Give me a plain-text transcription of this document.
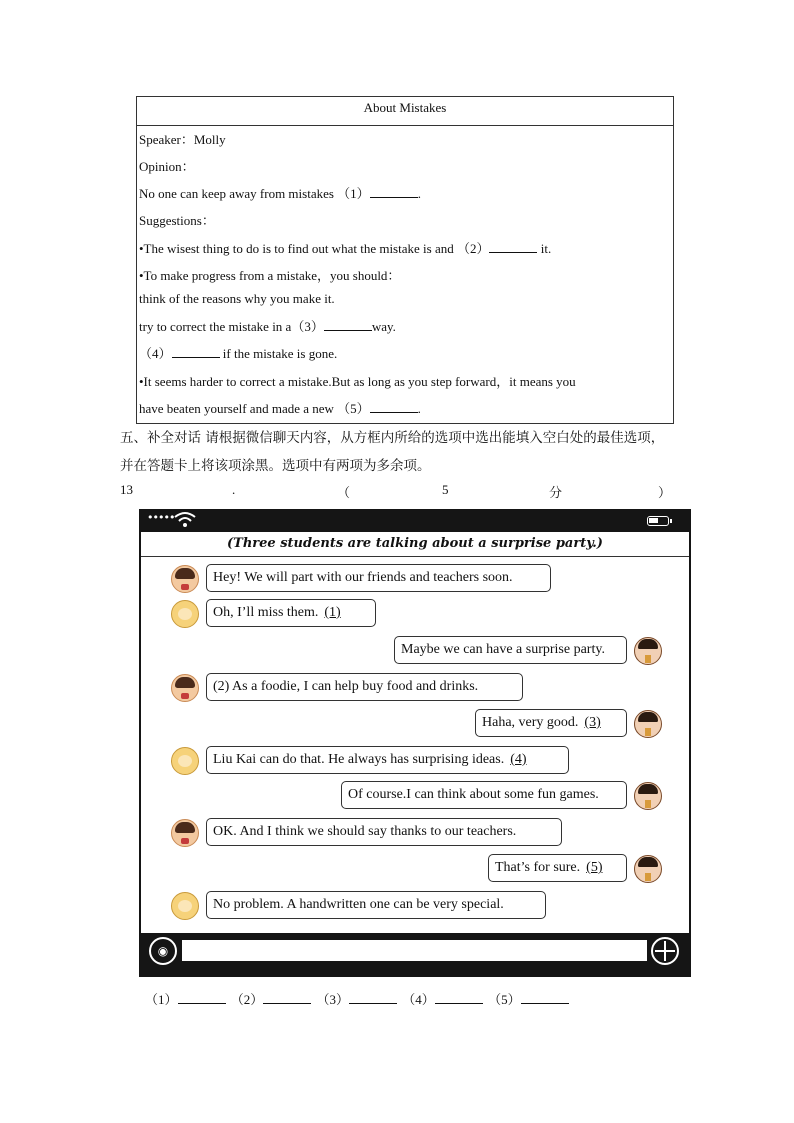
About Mistakes
Speaker：Molly
Opinion：
No one can keep away from mistakes （1）	.
Suggestions：
•The wisest thing to do is to find out what the mistake is and （2）	it.
•To make progress from a mistake，you should：
think of the reasons why you make it.
try to correct the mistake in a（3）	way.
（4）	if the mistake is gone.
•It seems harder to correct a mistake.But as long as you step forward，it means you
have beaten yourself and made a new （5）	.
五、补全对话 请根据微信聊天内容，从方框内所给的选项中选出能填入空白处的最佳选项，
并在答题卡上将该项涂黑。选项中有两项为多余项。
13	.	（	5	分	）
•••••
(Three students are talking about a surprise party.)
Hey! We will part with our friends and teachers soon.
Oh, I’ll miss them. (1)
Maybe we can have a surprise party.
(2) As a foodie, I can help buy food and drinks.
Haha, very good. (3)
Liu Kai can do that. He always has surprising ideas. (4)
Of course.I can think about some fun games.
OK. And I think we should say thanks to our teachers.
That’s for sure. (5)
No problem. A handwritten one can be very special.
◉
（1）	（2）	（3）	（4）	（5）
